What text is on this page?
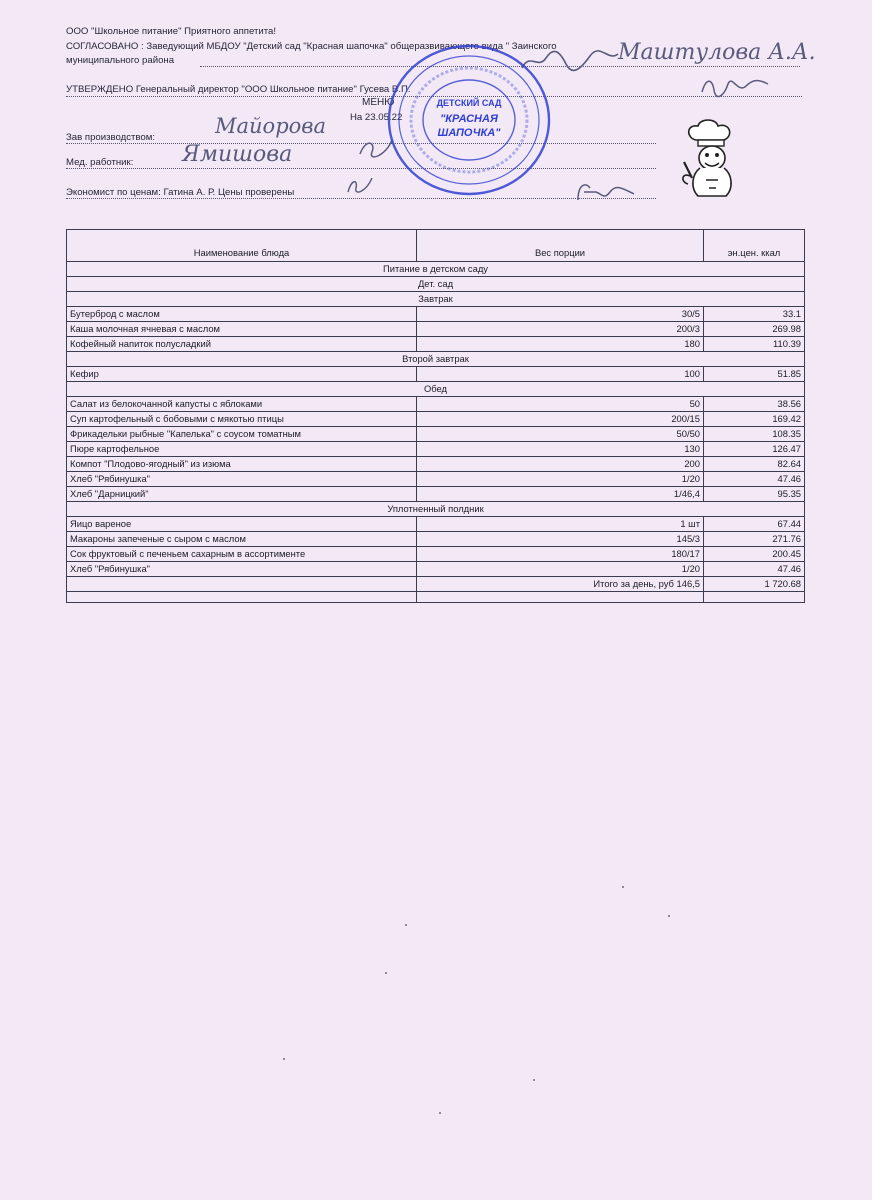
ООО "Школьное питание" Приятного аппетита!
СОГЛАСОВАНО : Заведующий МБДОУ "Детский сад "Красная шапочка" общеразвивающего вида " Заинского
муниципального района
УТВЕРЖДЕНО Генеральный директор "ООО Школьное питание" Гусева В.П.
МЕНЮ
На 23.05.22
Зав производством:
Мед. работник:
Экономист по ценам: Гатина А. Р. Цены проверены
Маштулова А.А.
Майорова
Ямишова
ДЕТСКИЙ САД
"КРАСНАЯ
ШАПОЧКА"
Наименование блюда	Вес порции	эн.цен. ккал
Питание в детском саду		
Дет. сад		
Завтрак		
Бутерброд с маслом	30/5	33.1
Каша молочная ячневая с маслом	200/3	269.98
Кофейный напиток полусладкий	180	110.39
Второй завтрак		
Кефир	100	51.85
Обед		
Салат из белокочанной капусты с яблоками	50	38.56
Суп картофельный с бобовыми с мякотью птицы	200/15	169.42
Фрикадельки рыбные "Капелька" с соусом томатным	50/50	108.35
Пюре картофельное	130	126.47
Компот "Плодово-ягодный" из изюма	200	82.64
Хлеб "Рябинушка"	1/20	47.46
Хлеб "Дарницкий"	1/46,4	95.35
Уплотненный полдник		
Яицо вареное	1 шт	67.44
Макароны запеченые с сыром с маслом	145/3	271.76
Сок фруктовый с печеньем сахарным в ассортименте	180/17	200.45
Хлеб "Рябинушка"	1/20	47.46
	Итого за день, руб 146,5	1 720.68
